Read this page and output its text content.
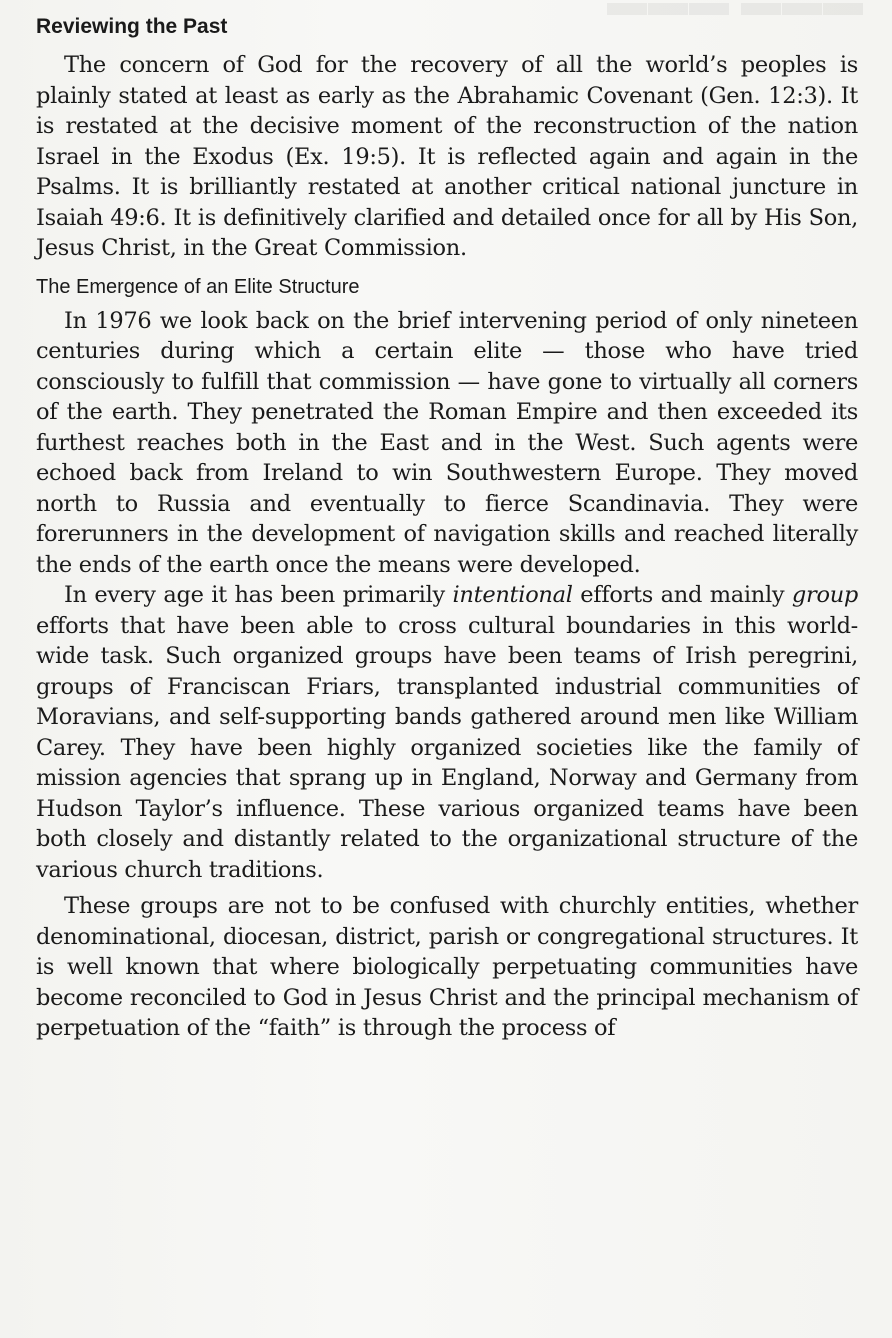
▬▬▬ ▬▬▬
Reviewing the Past

The concern of God for the recovery of all the world’s peoples is plainly stated at least as early as the Abrahamic Covenant (Gen. 12:3). It is restated at the decisive moment of the reconstruction of the nation Israel in the Exodus (Ex. 19:5). It is reflected again and again in the Psalms. It is brilliantly restated at another critical national juncture in Isaiah 49:6. It is definitively clarified and detailed once for all by His Son, Jesus Christ, in the Great Commission.

The Emergence of an Elite Structure

In 1976 we look back on the brief intervening period of only nineteen centuries during which a certain elite — those who have tried consciously to fulfill that commission — have gone to virtually all corners of the earth. They penetrated the Roman Empire and then exceeded its furthest reaches both in the East and in the West. Such agents were echoed back from Ireland to win Southwestern Europe. They moved north to Russia and eventually to fierce Scandinavia. They were forerunners in the development of navigation skills and reached literally the ends of the earth once the means were developed.

In every age it has been primarily intentional efforts and mainly group efforts that have been able to cross cultural boundaries in this world-wide task. Such organized groups have been teams of Irish peregrini, groups of Franciscan Friars, transplanted industrial communities of Moravians, and self-supporting bands gathered around men like William Carey. They have been highly organized societies like the family of mission agencies that sprang up in England, Norway and Germany from Hudson Taylor’s influence. These various organized teams have been both closely and distantly related to the organizational structure of the various church traditions.

These groups are not to be confused with churchly entities, whether denominational, diocesan, district, parish or congregational structures. It is well known that where biologically perpetuating communities have become reconciled to God in Jesus Christ and the principal mechanism of perpetuation of the “faith” is through the process of
